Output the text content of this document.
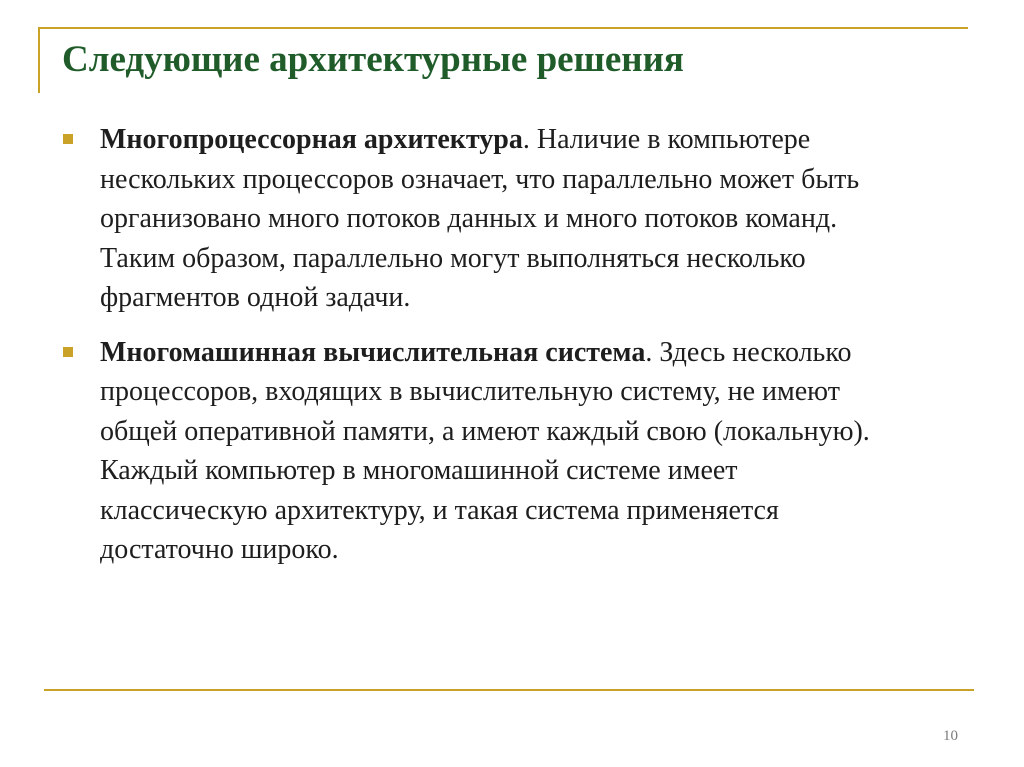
Следующие архитектурные решения
Многопроцессорная архитектура. Наличие в компьютере нескольких процессоров означает, что параллельно может быть организовано много потоков данных и много потоков команд. Таким образом, параллельно могут выполняться несколько фрагментов одной задачи.
Многомашинная вычислительная система. Здесь несколько процессоров, входящих в вычислительную систему, не имеют общей оперативной памяти, а имеют каждый свою (локальную). Каждый компьютер в многомашинной системе имеет классическую архитектуру, и такая система применяется достаточно широко.
10
